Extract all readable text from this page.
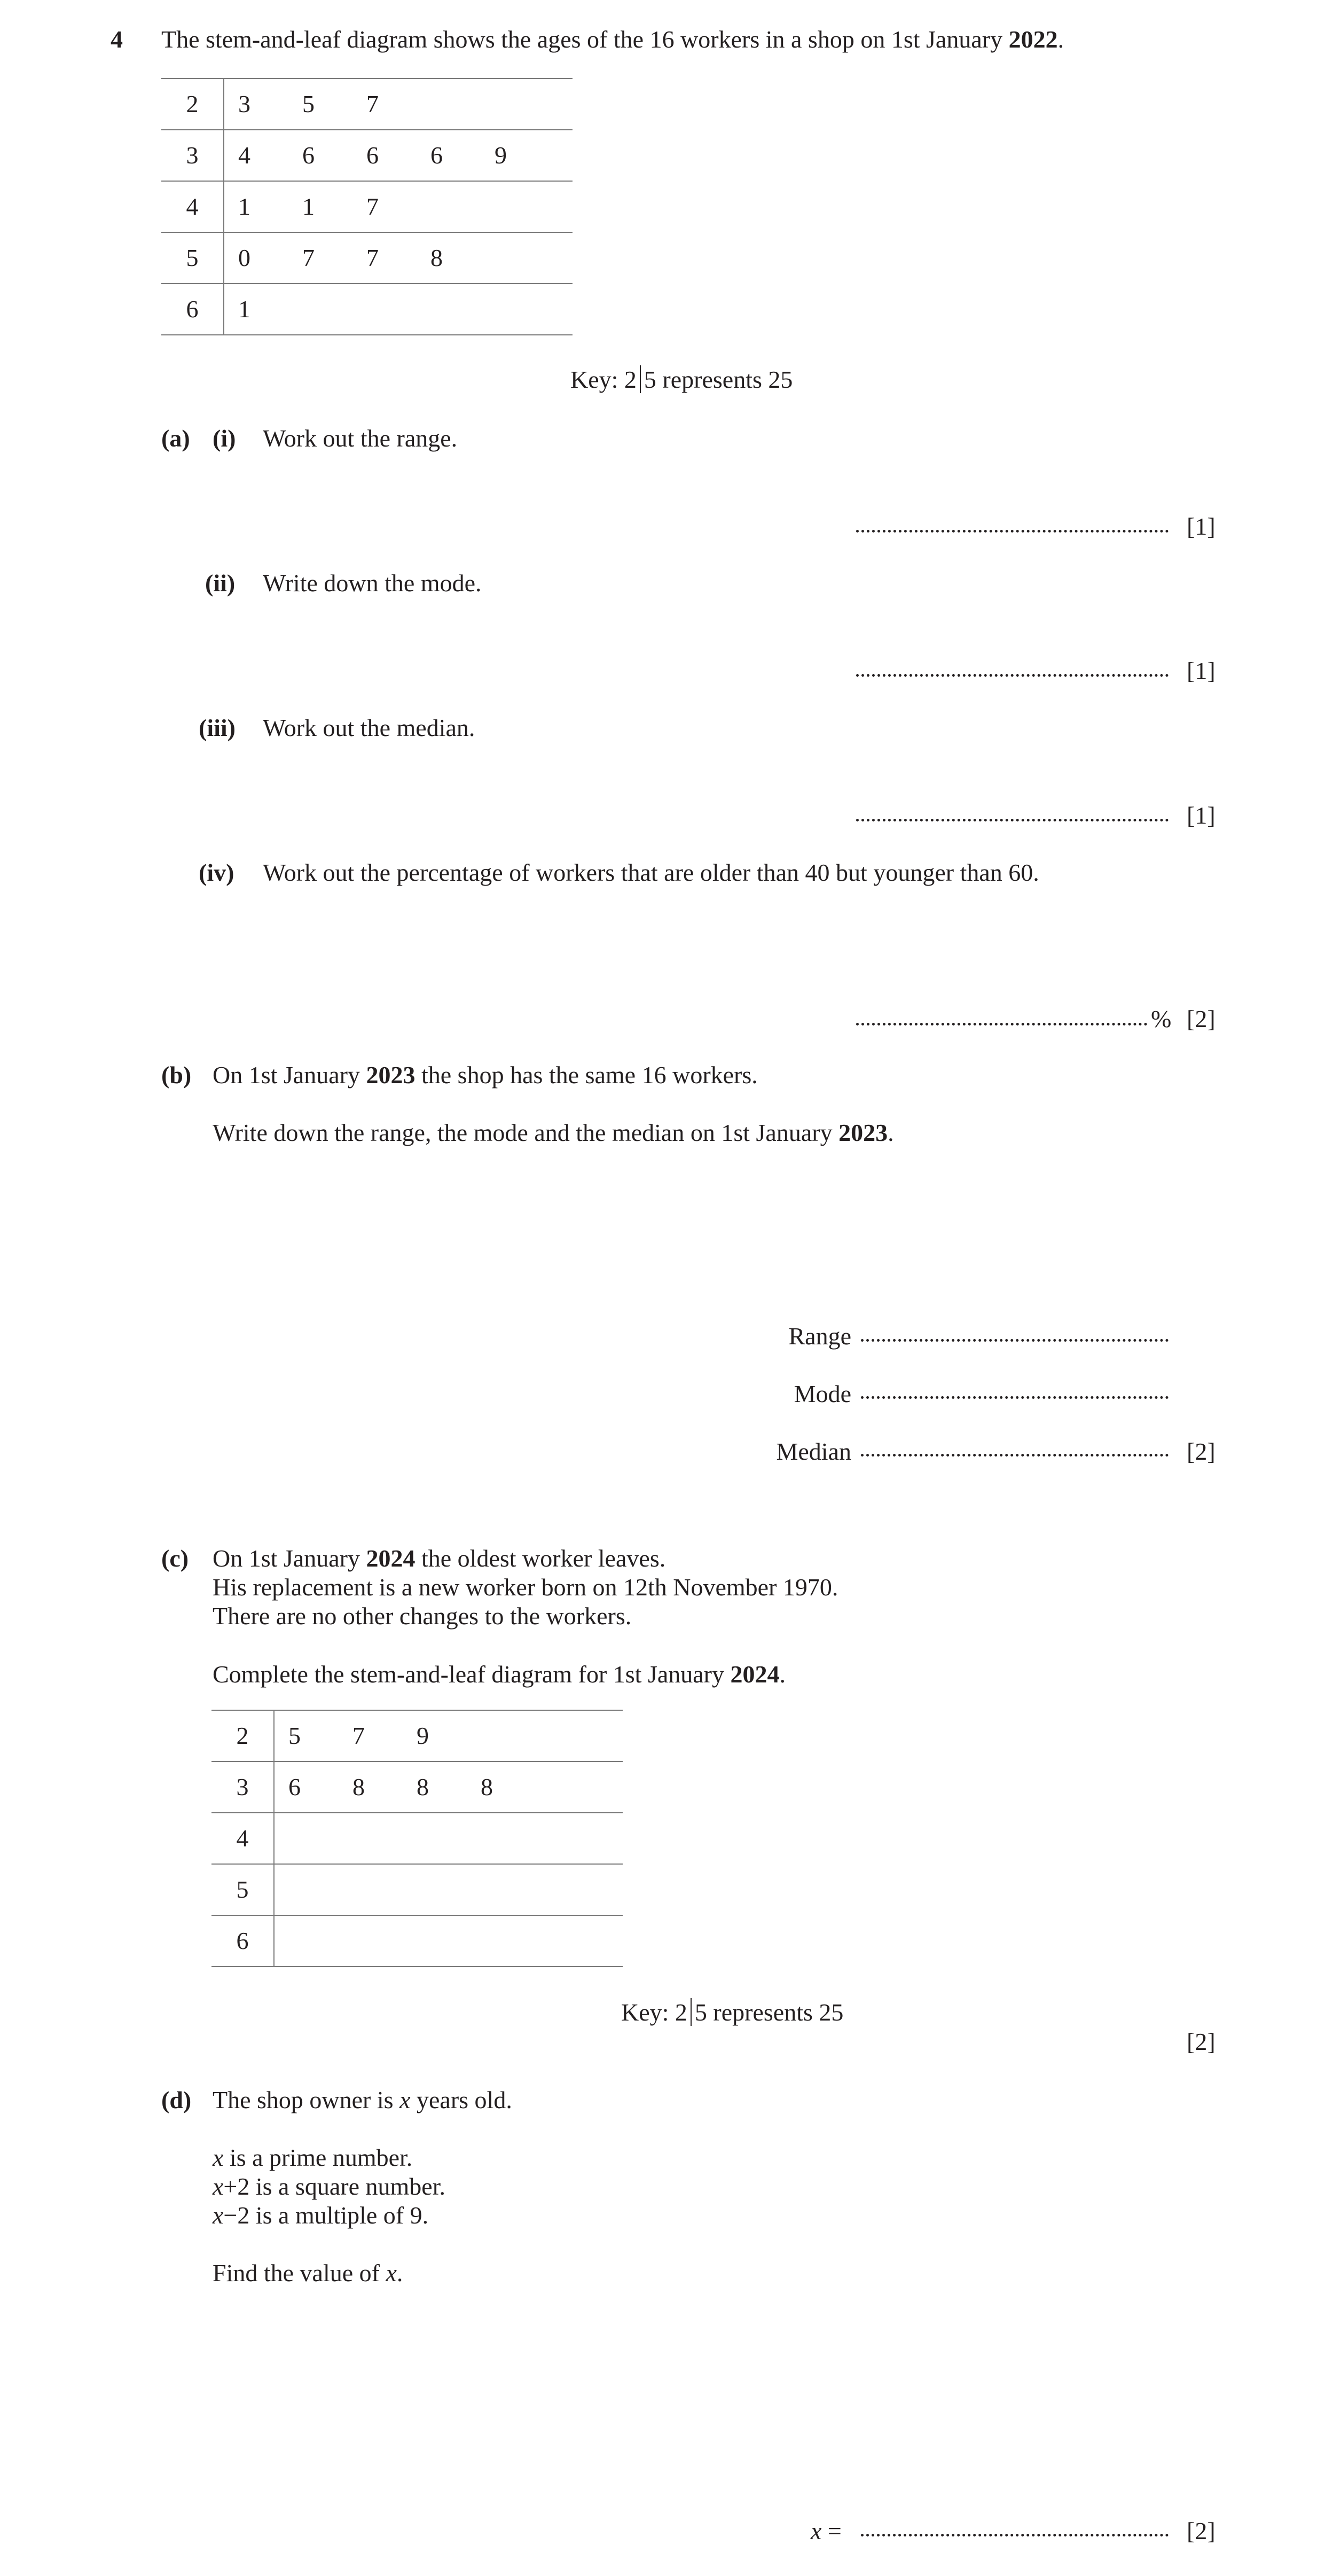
4 The stem-and-leaf diagram shows the ages of the 16 workers in a shop on 1st January 2022.
2	3 5 7
3	4 6 6 6 9
4	1 1 7
5	0 7 7 8
6	1
Key: 2 5 represents 25
(a) (i) Work out the range.
[1]
(ii) Write down the mode.
[1]
(iii) Work out the median.
[1]
(iv) Work out the percentage of workers that are older than 40 but younger than 60.
% [2]
(b) On 1st January 2023 the shop has the same 16 workers.
Write down the range, the mode and the median on 1st January 2023.
Range
Mode
Median	[2]
(c) On 1st January 2024 the oldest worker leaves.
His replacement is a new worker born on 12th November 1970.
There are no other changes to the workers.
Complete the stem-and-leaf diagram for 1st January 2024.
2	5 7 9
3	6 8 8 8
4	
5	
6	
Key: 2 5 represents 25
[2]
(d) The shop owner is x years old.
x is a prime number.
x+2 is a square number.
x−2 is a multiple of 9.
Find the value of x.
x =	[2]
